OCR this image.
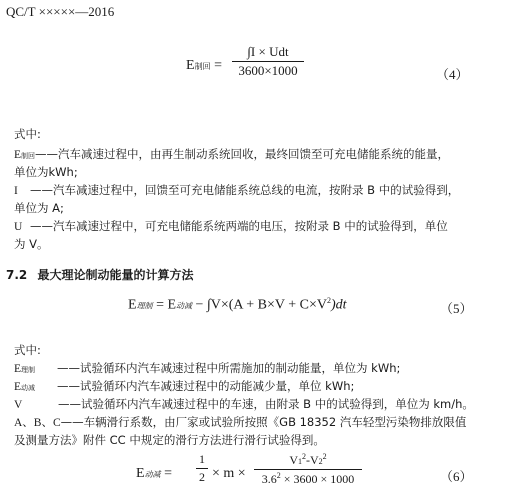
QC/T ×××××—2016
E制回 =
∫I × Udt
3600×1000	（4）
式中:
E制回——汽车减速过程中，由再生制动系统回收，最终回馈至可充电储能系统的能量，
单位为kWh;
I ——汽车减速过程中，回馈至可充电储能系统总线的电流，按附录 B 中的试验得到，
单位为 A;
U ——汽车减速过程中，可充电储能系统两端的电压，按附录 B 中的试验得到，单位
为 V。
7.2 最大理论制动能量的计算方法
E理制 = E动减 − $\int V\times(A + B\times V + C\times V^2)dt$	（5）
式中:
E理制 ——试验循环内汽车减速过程中所需施加的制动能量，单位为 kWh;
E动减 ——试验循环内汽车减速过程中的动能减少量，单位 kWh;
V	——试验循环内汽车减速过程中的车速，由附录 B 中的试验得到，单位为 km/h。
A、B、C——车辆滑行系数，由厂家或试验所按照《GB 18352 汽车轻型污染物排放限值
及测量方法》附件 CC 中规定的滑行方法进行滑行试验得到。
E动减 =
1
2 × m ×
$V1^2-V2^2$
$3.6^2 \times 3600 \times 1000$	（6）
